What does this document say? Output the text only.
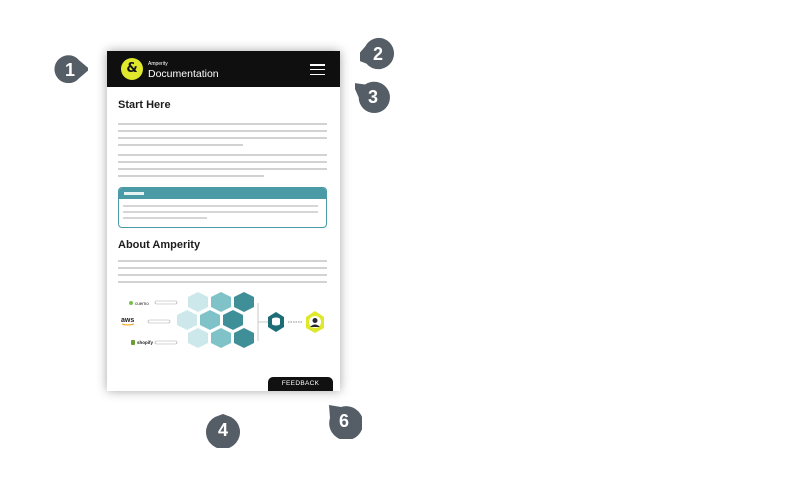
&	Amperity
Documentation
Start Here
About Amperity
cuerno
aws
shopify
FEEDBACK
1
2
3
4	6
